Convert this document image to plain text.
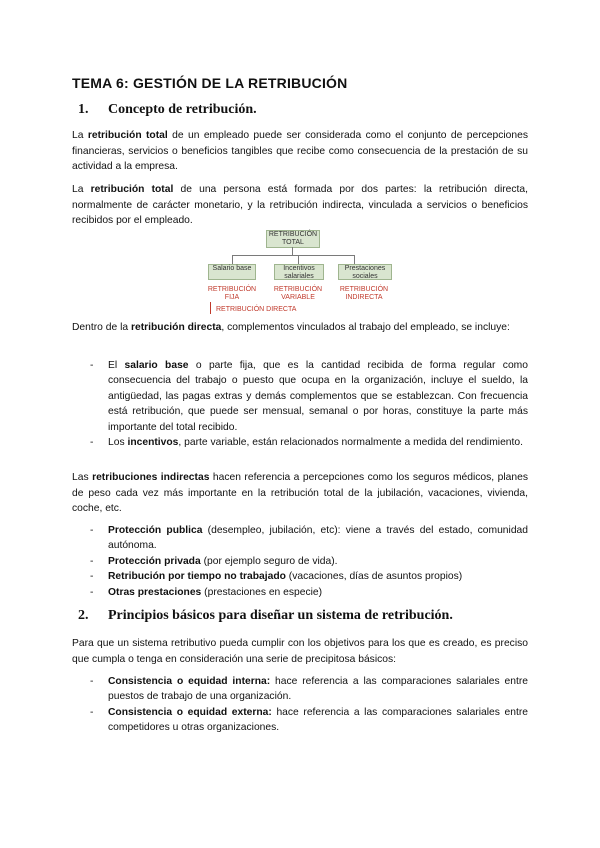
TEMA 6: GESTIÓN DE LA RETRIBUCIÓN
1. Concepto de retribución.
La retribución total de un empleado puede ser considerada como el conjunto de percepciones financieras, servicios o beneficios tangibles que recibe como consecuencia de la prestación de su actividad a la empresa.
La retribución total de una persona está formada por dos partes: la retribución directa, normalmente de carácter monetario, y la retribución indirecta, vinculada a servicios o beneficios recibidos por el empleado.
RETRIBUCIÓN TOTAL
Salario base	Incentivos salariales
Prestaciones sociales
RETRIBUCIÓN FIJA
RETRIBUCIÓN VARIABLE
RETRIBUCIÓN INDIRECTA
RETRIBUCIÓN DIRECTA
Dentro de la retribución directa, complementos vinculados al trabajo del empleado, se incluye:
- El salario base o parte fija, que es la cantidad recibida de forma regular como consecuencia del trabajo o puesto que ocupa en la organización, incluye el sueldo, la antigüedad, las pagas extras y demás complementos que se establezcan. Con frecuencia está retribución, que puede ser mensual, semanal o por horas, constituye la parte más importante del total recibido.
- Los incentivos, parte variable, están relacionados normalmente a medida del rendimiento.
Las retribuciones indirectas hacen referencia a percepciones como los seguros médicos, planes de peso cada vez más importante en la retribución total de la jubilación, vacaciones, vivienda, coche, etc.
- Protección publica (desempleo, jubilación, etc): viene a través del estado, comunidad autónoma.
- Protección privada (por ejemplo seguro de vida).
- Retribución por tiempo no trabajado (vacaciones, días de asuntos propios)
- Otras prestaciones (prestaciones en especie)
2. Principios básicos para diseñar un sistema de retribución.
Para que un sistema retributivo pueda cumplir con los objetivos para los que es creado, es preciso que cumpla o tenga en consideración una serie de precipitosa básicos:
- Consistencia o equidad interna: hace referencia a las comparaciones salariales entre puestos de trabajo de una organización.
- Consistencia o equidad externa: hace referencia a las comparaciones salariales entre competidores u otras organizaciones.
